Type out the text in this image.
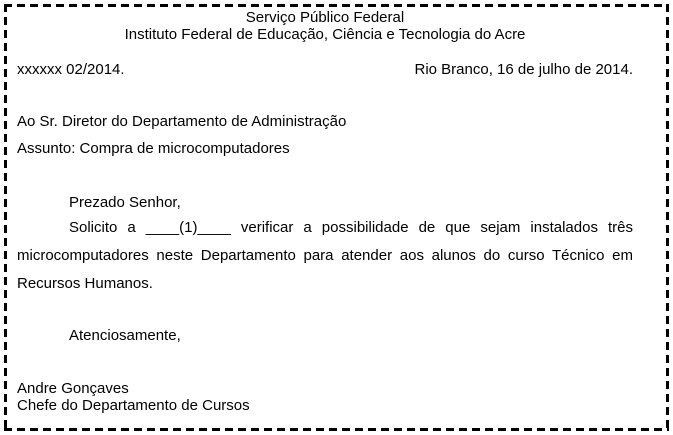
Serviço Público Federal
Instituto Federal de Educação, Ciência e Tecnologia do Acre
xxxxxx 02/2014.	Rio Branco, 16 de julho de 2014.
Ao Sr. Diretor do Departamento de Administração
Assunto: Compra de microcomputadores
Prezado Senhor,
Solicito a ____(1)____ verificar a possibilidade de que sejam instalados três
microcomputadores neste Departamento para atender aos alunos do curso Técnico em
Recursos Humanos.
Atenciosamente,
Andre Gonçaves
Chefe do Departamento de Cursos
